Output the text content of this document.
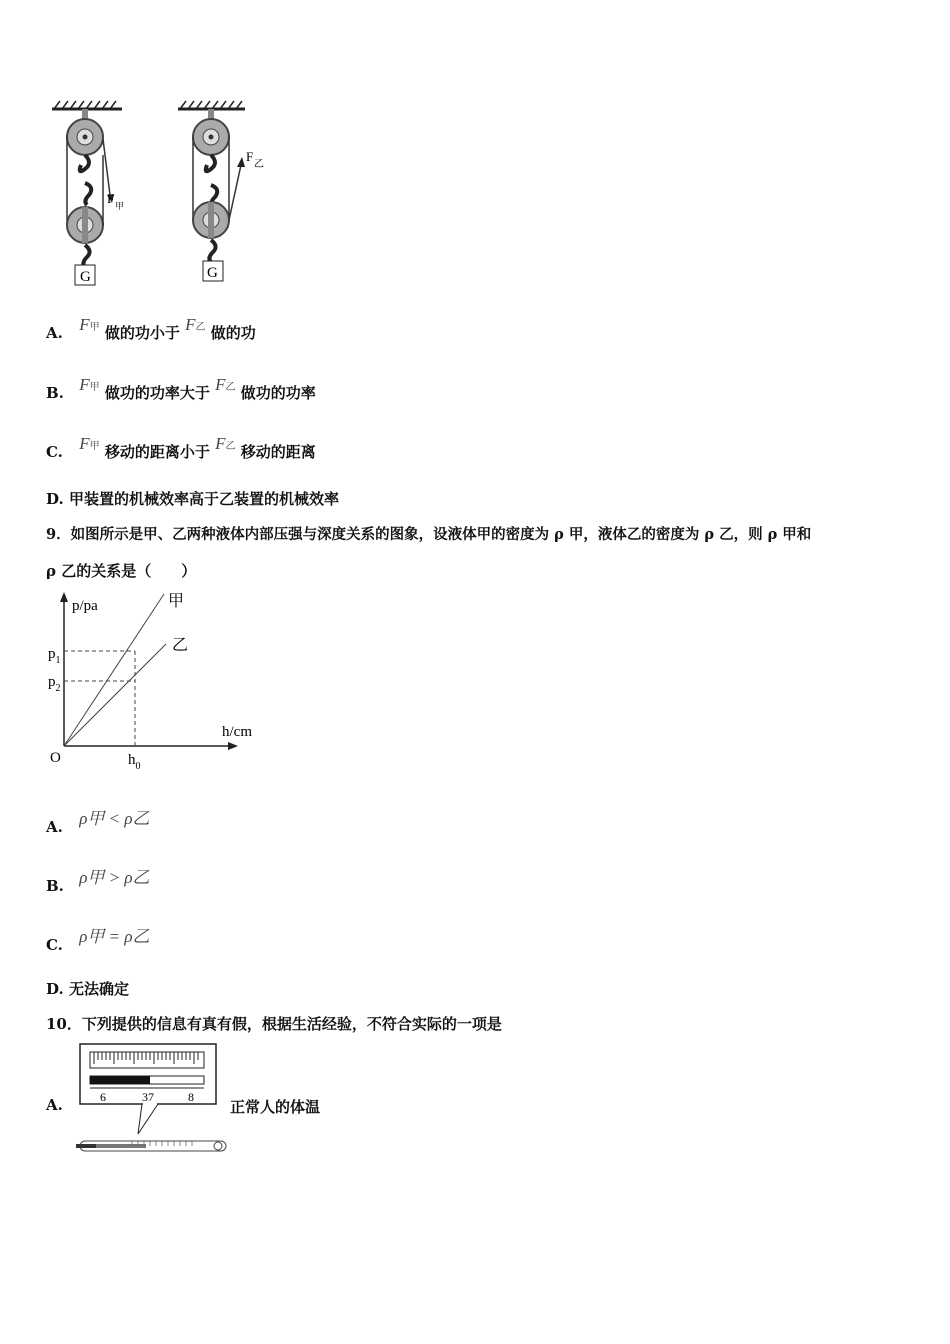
G
F 甲
G
F
乙
A. F甲 做的功小于 F乙 做的功
B. F甲 做功的功率大于 F乙 做功的功率
C. F甲 移动的距离小于 F乙 移动的距离
D. 甲装置的机械效率高于乙装置的机械效率
9．如图所示是甲、乙两种液体内部压强与深度关系的图象，设液体甲的密度为 ρ 甲，液体乙的密度为 ρ 乙，则 ρ 甲和
ρ 乙的关系是（　　）
p/pa
h/cm
O
$p_1$
$p_2$
$h_0$
甲
乙
A. ρ甲 < ρ乙
B. ρ甲 > ρ乙
C. ρ甲 = ρ乙
D. 无法确定
10．下列提供的信息有真有假，根据生活经验，不符合实际的一项是
A.	6	37	8
正常人的体温
